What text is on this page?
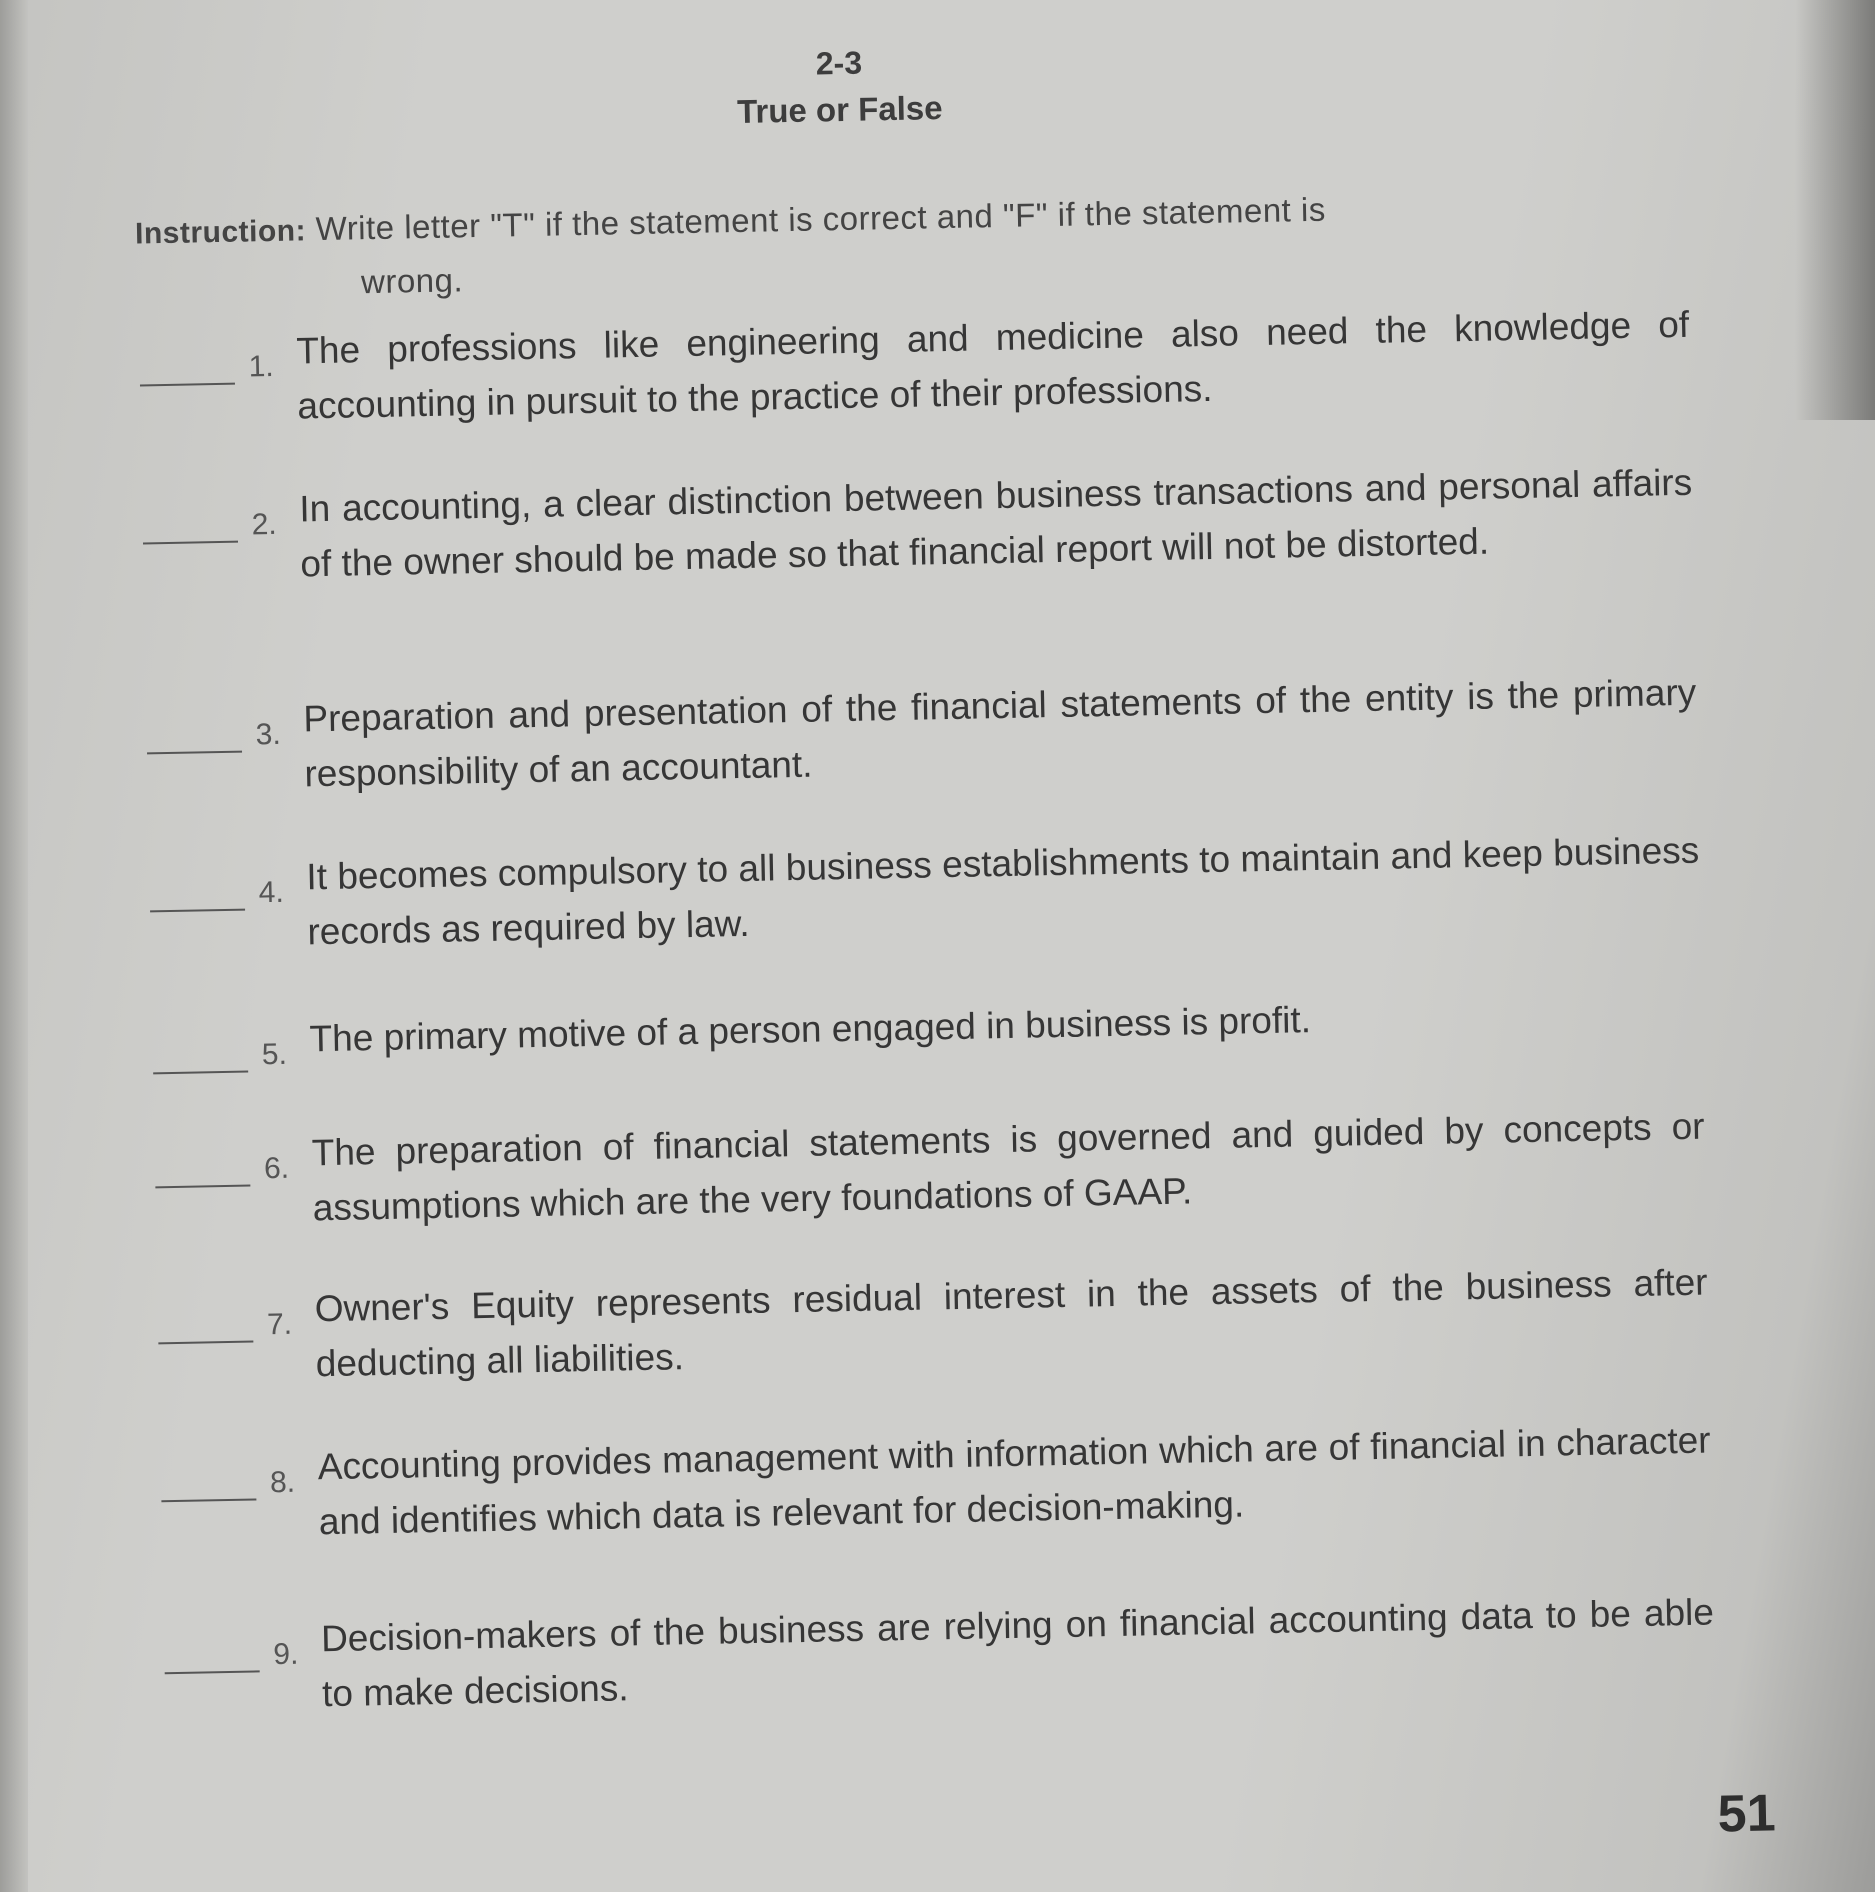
2-3
True or False
Instruction: Write letter "T" if the statement is correct and "F" if the statement is
wrong.
1. The professions like engineering and medicine also need the knowledge of accounting in pursuit to the practice of their professions.
2. In accounting, a clear distinction between business transactions and personal affairs of the owner should be made so that financial report will not be distorted.
3. Preparation and presentation of the financial statements of the entity is the primary responsibility of an accountant.
4. It becomes compulsory to all business establishments to maintain and keep business records as required by law.
5. The primary motive of a person engaged in business is profit.
6. The preparation of financial statements is governed and guided by concepts or assumptions which are the very foundations of GAAP.
7. Owner's Equity represents residual interest in the assets of the business after deducting all liabilities.
8. Accounting provides management with information which are of financial in character and identifies which data is relevant for decision-making.
9. Decision-makers of the business are relying on financial accounting data to be able to make decisions.
51
